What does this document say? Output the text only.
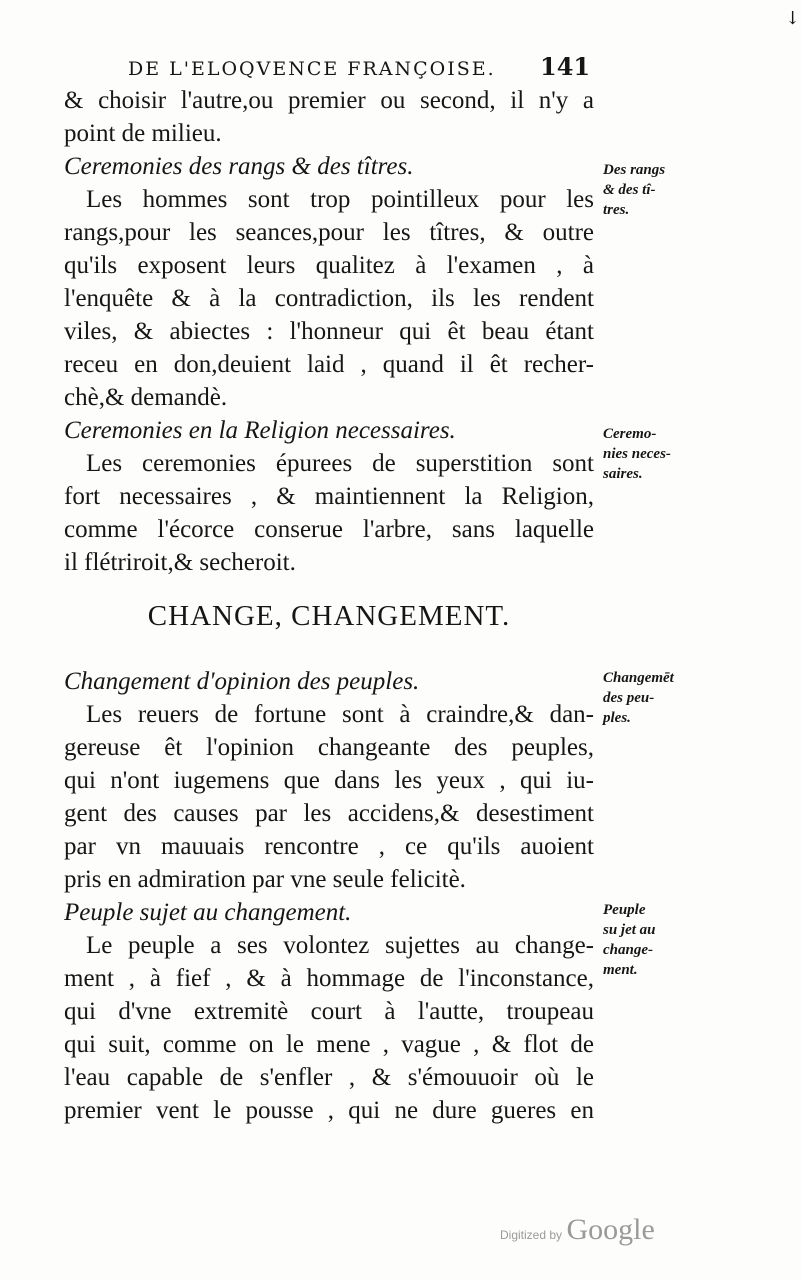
DE L'ELOQVENCE FRANÇOISE.	141
↓
& choisir l'autre,ou premier ou second, il n'y a
point de milieu.
Ceremonies des rangs & des tîtres.
Les hommes sont trop pointilleux pour les
rangs,pour les seances,pour les tîtres, & outre
qu'ils exposent leurs qualitez à l'examen , à
l'enquête & à la contradiction, ils les rendent
viles, & abiectes : l'honneur qui êt beau étant
receu en don,deuient laid , quand il êt recher-
chè,& demandè.
Ceremonies en la Religion necessaires.
Les ceremonies épurees de superstition sont
fort necessaires , & maintiennent la Religion,
comme l'écorce conserue l'arbre, sans laquelle
il flétriroit,& secheroit.
Changement d'opinion des peuples.
Les reuers de fortune sont à craindre,& dan-
gereuse êt l'opinion changeante des peuples,
qui n'ont iugemens que dans les yeux , qui iu-
gent des causes par les accidens,& desestiment
par vn mauuais rencontre , ce qu'ils auoient
pris en admiration par vne seule felicitè.
Peuple sujet au changement.
Le peuple a ses volontez sujettes au change-
ment , à fief , & à hommage de l'inconstance,
qui d'vne extremitè court à l'autte, troupeau
qui suit, comme on le mene , vague , & flot de
l'eau capable de s'enfler , & s'émouuoir où le
premier vent le pousse , qui ne dure gueres en
CHANGE, CHANGEMENT.
Des rangs
& des tî-
tres.
Ceremo-
nies neces-
saires.
Changemēt
des peu-
ples.
Peuple
su jet au
change-
ment.
Digitized by Google
